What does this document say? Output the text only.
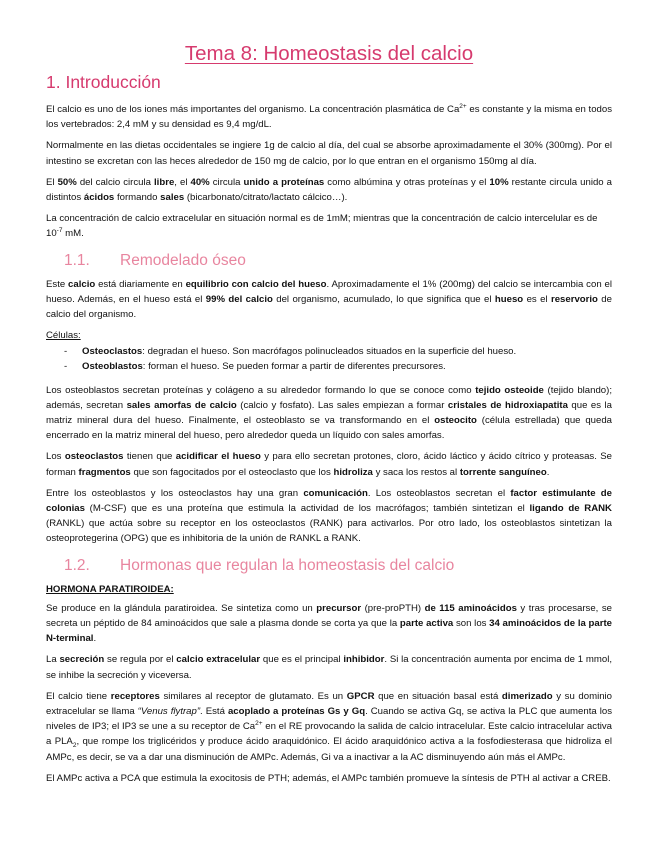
Tema 8: Homeostasis del calcio
1. Introducción

El calcio es uno de los iones más importantes del organismo. La concentración plasmática de $Ca^{2+}$ es constante y la misma en todos los vertebrados: 2,4 mM y su densidad es 9,4 mg/dL.

Normalmente en las dietas occidentales se ingiere 1g de calcio al día, del cual se absorbe aproximadamente el 30% (300mg). Por el intestino se excretan con las heces alrededor de 150 mg de calcio, por lo que entran en el organismo 150mg al día.

El 50% del calcio circula libre, el 40% circula unido a proteínas como albúmina y otras proteínas y el 10% restante circula unido a distintos ácidos formando sales (bicarbonato/citrato/lactato cálcico…).

La concentración de calcio extracelular en situación normal es de 1mM; mientras que la concentración de calcio intercelular es de $10^{-7}$ mM.

1.1. Remodelado óseo

Este calcio está diariamente en equilibrio con calcio del hueso. Aproximadamente el 1% (200mg) del calcio se intercambia con el hueso. Además, en el hueso está el 99% del calcio del organismo, acumulado, lo que significa que el hueso es el reservorio de calcio del organismo.

Células:

- Osteoclastos: degradan el hueso. Son macrófagos polinucleados situados en la superficie del hueso.
- Osteoblastos: forman el hueso. Se pueden formar a partir de diferentes precursores.

Los osteoblastos secretan proteínas y colágeno a su alrededor formando lo que se conoce como tejido osteoide (tejido blando); además, secretan sales amorfas de calcio (calcio y fosfato). Las sales empiezan a formar cristales de hidroxiapatita que es la matriz mineral dura del hueso. Finalmente, el osteoblasto se va transformando en el osteocito (célula estrellada) que queda encerrado en la matriz mineral del hueso, pero alrededor queda un líquido con sales amorfas.

Los osteoclastos tienen que acidificar el hueso y para ello secretan protones, cloro, ácido láctico y ácido cítrico y proteasas. Se forman fragmentos que son fagocitados por el osteoclasto que los hidroliza y saca los restos al torrente sanguíneo.

Entre los osteoblastos y los osteoclastos hay una gran comunicación. Los osteoblastos secretan el factor estimulante de colonias (M-CSF) que es una proteína que estimula la actividad de los macrófagos; también sintetizan el ligando de RANK (RANKL) que actúa sobre su receptor en los osteoclastos (RANK) para activarlos. Por otro lado, los osteoblastos sintetizan la osteoprotegerina (OPG) que es inhibitoria de la unión de RANKL a RANK.

1.2. Hormonas que regulan la homeostasis del calcio

HORMONA PARATIROIDEA:

Se produce en la glándula paratiroidea. Se sintetiza como un precursor (pre-proPTH) de 115 aminoácidos y tras procesarse, se secreta un péptido de 84 aminoácidos que sale a plasma donde se corta ya que la parte activa son los 34 aminoácidos de la parte N-terminal.

La secreción se regula por el calcio extracelular que es el principal inhibidor. Si la concentración aumenta por encima de 1 mmol, se inhibe la secreción y viceversa.

El calcio tiene receptores similares al receptor de glutamato. Es un GPCR que en situación basal está dimerizado y su dominio extracelular se llama “Venus flytrap”. Está acoplado a proteínas Gs y Gq. Cuando se activa Gq, se activa la PLC que aumenta los niveles de IP3; el IP3 se une a su receptor de $Ca^{2+}$ en el RE provocando la salida de calcio intracelular. Este calcio intracelular activa a $PLA_2$, que rompe los triglicéridos y produce ácido araquidónico. El ácido araquidónico activa a la fosfodiesterasa que hidroliza el AMPc, es decir, se va a dar una disminución de AMPc. Además, Gi va a inactivar a la AC disminuyendo aún más el AMPc.

El AMPc activa a PCA que estimula la exocitosis de PTH; además, el AMPc también promueve la síntesis de PTH al activar a CREB.
